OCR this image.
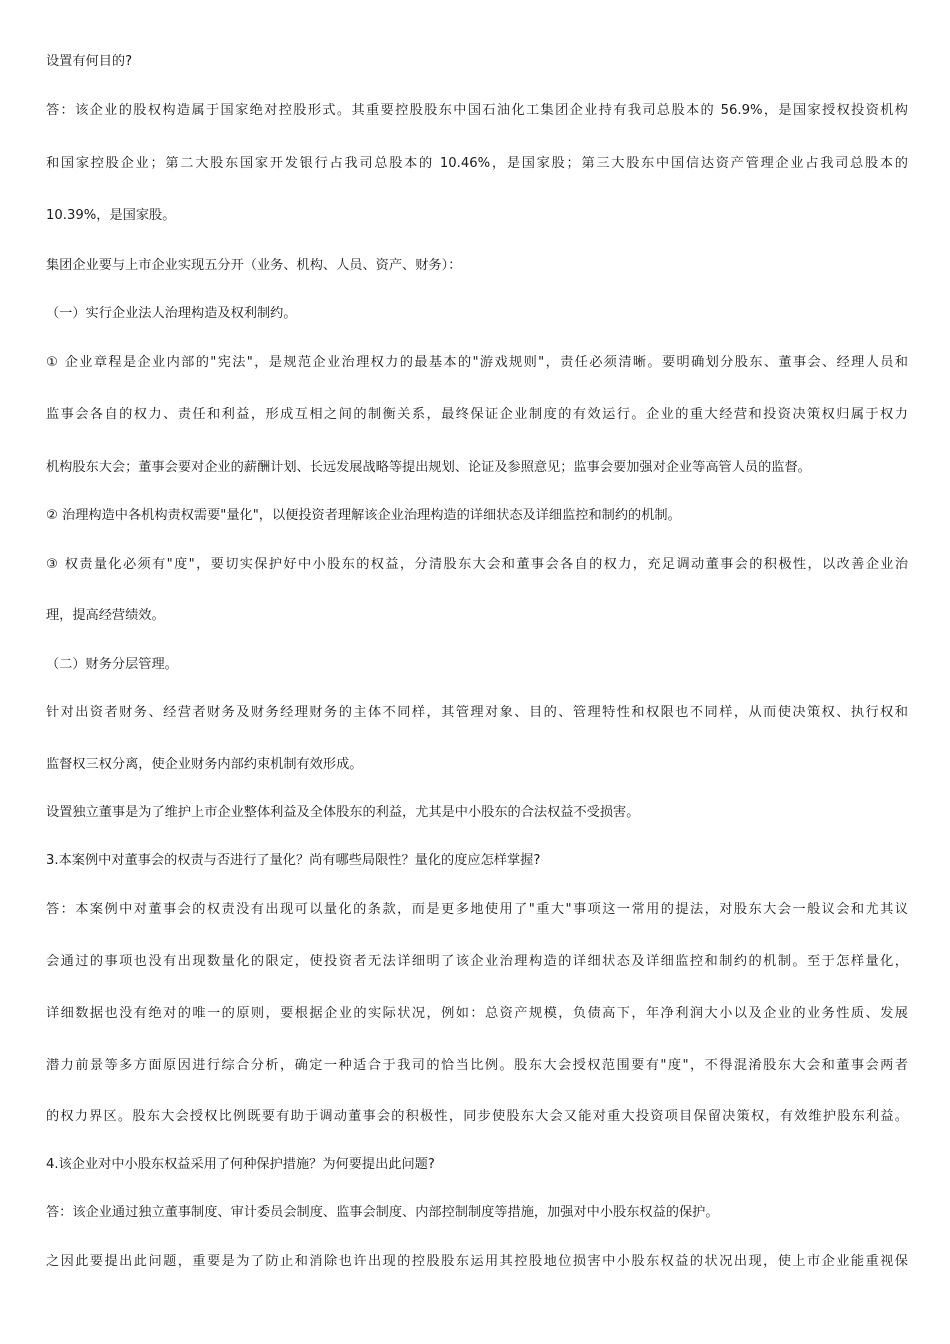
设置有何目的?
答：该企业的股权构造属于国家绝对控股形式。其重要控股股东中国石油化工集团企业持有我司总股本的 56.9%，是国家授权投资机构
和国家控股企业；第二大股东国家开发银行占我司总股本的 10.46%，是国家股；第三大股东中国信达资产管理企业占我司总股本的
10.39%，是国家股。
集团企业要与上市企业实现五分开（业务、机构、人员、资产、财务）：
（一）实行企业法人治理构造及权利制约。
① 企业章程是企业内部的"宪法"，是规范企业治理权力的最基本的"游戏规则"，责任必须清晰。要明确划分股东、董事会、经理人员和
监事会各自的权力、责任和利益，形成互相之间的制衡关系，最终保证企业制度的有效运行。企业的重大经营和投资决策权归属于权力
机构股东大会；董事会要对企业的薪酬计划、长远发展战略等提出规划、论证及参照意见；监事会要加强对企业等高管人员的监督。
② 治理构造中各机构责权需要"量化"，以便投资者理解该企业治理构造的详细状态及详细监控和制约的机制。
③ 权责量化必须有"度"，要切实保护好中小股东的权益，分清股东大会和董事会各自的权力，充足调动董事会的积极性，以改善企业治
理，提高经营绩效。
（二）财务分层管理。
针对出资者财务、经营者财务及财务经理财务的主体不同样，其管理对象、目的、管理特性和权限也不同样，从而使决策权、执行权和
监督权三权分离，使企业财务内部约束机制有效形成。
设置独立董事是为了维护上市企业整体利益及全体股东的利益，尤其是中小股东的合法权益不受损害。
3.本案例中对董事会的权责与否进行了量化？尚有哪些局限性？量化的度应怎样掌握?
答：本案例中对董事会的权责没有出现可以量化的条款，而是更多地使用了"重大"事项这一常用的提法，对股东大会一般议会和尤其议
会通过的事项也没有出现数量化的限定，使投资者无法详细明了该企业治理构造的详细状态及详细监控和制约的机制。至于怎样量化，
详细数据也没有绝对的唯一的原则，要根据企业的实际状况，例如：总资产规模，负债高下，年净利润大小以及企业的业务性质、发展
潜力前景等多方面原因进行综合分析，确定一种适合于我司的恰当比例。股东大会授权范围要有"度"，不得混淆股东大会和董事会两者
的权力界区。股东大会授权比例既要有助于调动董事会的积极性，同步使股东大会又能对重大投资项目保留决策权，有效维护股东利益。
4.该企业对中小股东权益采用了何种保护措施？为何要提出此问题?
答：该企业通过独立董事制度、审计委员会制度、监事会制度、内部控制制度等措施，加强对中小股东权益的保护。
之因此要提出此问题，重要是为了防止和消除也许出现的控股股东运用其控股地位损害中小股东权益的状况出现，使上市企业能重视保
